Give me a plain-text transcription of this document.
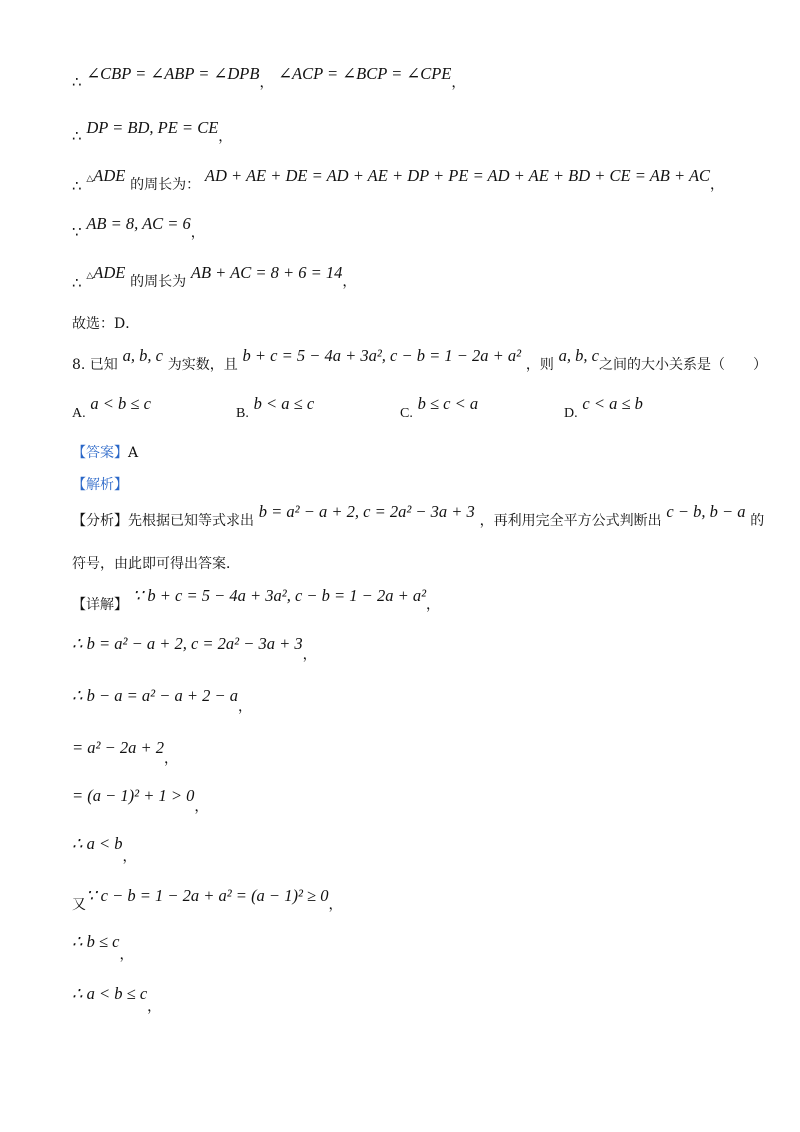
∴ ∠CBP = ∠ABP = ∠DPB， ∠ACP = ∠BCP = ∠CPE，
∴ DP = BD, PE = CE，
∴ △ADE 的周长为： AD + AE + DE = AD + AE + DP + PE = AD + AE + BD + CE = AB + AC，
∵ AB = 8, AC = 6，
∴ △ADE 的周长为 AB + AC = 8 + 6 = 14，
故选：D．
8. 已知 a, b, c 为实数，且 b + c = 5 − 4a + 3a², c − b = 1 − 2a + a² ，则 a, b, c之间的大小关系是（　　）
A. a < b ≤ c
B. b < a ≤ c
C. b ≤ c < a
D. c < a ≤ b
【答案】A
【解析】
【分析】先根据已知等式求出 b = a² − a + 2, c = 2a² − 3a + 3 ，再利用完全平方公式判断出 c − b, b − a 的
符号，由此即可得出答案．
【详解】 ∵ b + c = 5 − 4a + 3a², c − b = 1 − 2a + a²，
∴ b = a² − a + 2, c = 2a² − 3a + 3，
∴ b − a = a² − a + 2 − a，
= a² − 2a + 2，
= (a − 1)² + 1 > 0，
∴ a < b，
又∵ c − b = 1 − 2a + a² = (a − 1)² ≥ 0，
∴ b ≤ c，
∴ a < b ≤ c，
